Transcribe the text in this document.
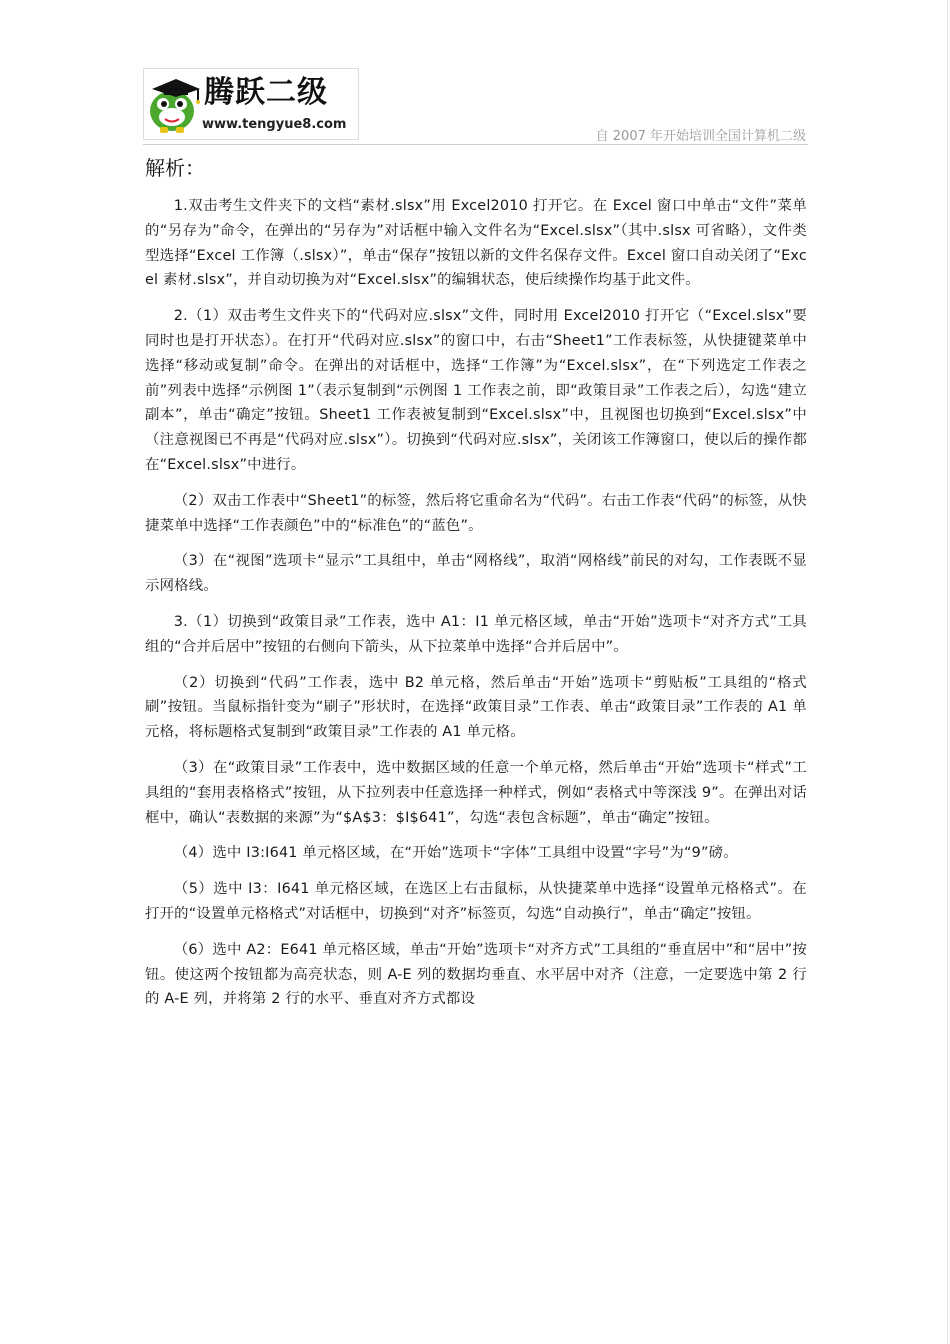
腾跃二级
www.tengyue8.com
自 2007 年开始培训全国计算机二级
解析：

1.双击考生文件夹下的文档“素材.slsx”用 Excel2010 打开它。在 Excel 窗口中单击“文件”菜单的“另存为”命令，在弹出的“另存为”对话框中输入文件名为“Excel.slsx”（其中.slsx 可省略），文件类型选择“Excel 工作簿（.slsx）”，单击“保存”按钮以新的文件名保存文件。Excel 窗口自动关闭了“Excel 素材.slsx”，并自动切换为对“Excel.slsx”的编辑状态，使后续操作均基于此文件。

2.（1）双击考生文件夹下的“代码对应.slsx”文件，同时用 Excel2010 打开它（“Excel.slsx”要同时也是打开状态）。在打开“代码对应.slsx”的窗口中，右击“Sheet1”工作表标签，从快捷键菜单中选择“移动或复制”命令。在弹出的对话框中，选择“工作簿”为“Excel.slsx”，在“下列选定工作表之前”列表中选择“示例图 1”（表示复制到“示例图 1 工作表之前，即“政策目录”工作表之后），勾选“建立副本”，单击“确定”按钮。Sheet1 工作表被复制到“Excel.slsx”中，且视图也切换到“Excel.slsx”中（注意视图已不再是“代码对应.slsx”）。切换到“代码对应.slsx”，关闭该工作簿窗口，使以后的操作都在“Excel.slsx”中进行。

（2）双击工作表中“Sheet1”的标签，然后将它重命名为“代码”。右击工作表“代码”的标签，从快捷菜单中选择“工作表颜色”中的“标准色”的“蓝色”。

（3）在“视图”选项卡“显示”工具组中，单击“网格线”，取消“网格线”前民的对勾，工作表既不显示网格线。

3.（1）切换到“政策目录”工作表，选中 A1：I1 单元格区域，单击“开始”选项卡“对齐方式”工具组的“合并后居中”按钮的右侧向下箭头，从下拉菜单中选择“合并后居中”。

（2）切换到“代码”工作表，选中 B2 单元格，然后单击“开始”选项卡“剪贴板”工具组的“格式刷”按钮。当鼠标指针变为“刷子”形状时，在选择“政策目录”工作表、单击“政策目录”工作表的 A1 单元格，将标题格式复制到“政策目录”工作表的 A1 单元格。

（3）在“政策目录”工作表中，选中数据区域的任意一个单元格，然后单击“开始”选项卡“样式”工具组的“套用表格格式”按钮，从下拉列表中任意选择一种样式，例如“表格式中等深浅 9”。在弹出对话框中，确认“表数据的来源”为“$A$3：$I$641”，勾选“表包含标题”，单击“确定”按钮。

（4）选中 I3:I641 单元格区域，在“开始”选项卡“字体”工具组中设置“字号”为“9”磅。

（5）选中 I3：I641 单元格区域，在选区上右击鼠标，从快捷菜单中选择“设置单元格格式”。在打开的“设置单元格格式”对话框中，切换到“对齐”标签页，勾选“自动换行”，单击“确定”按钮。

（6）选中 A2：E641 单元格区域，单击“开始”选项卡“对齐方式”工具组的“垂直居中”和“居中”按钮。使这两个按钮都为高亮状态，则 A-E 列的数据均垂直、水平居中对齐（注意，一定要选中第 2 行的 A-E 列，并将第 2 行的水平、垂直对齐方式都设
